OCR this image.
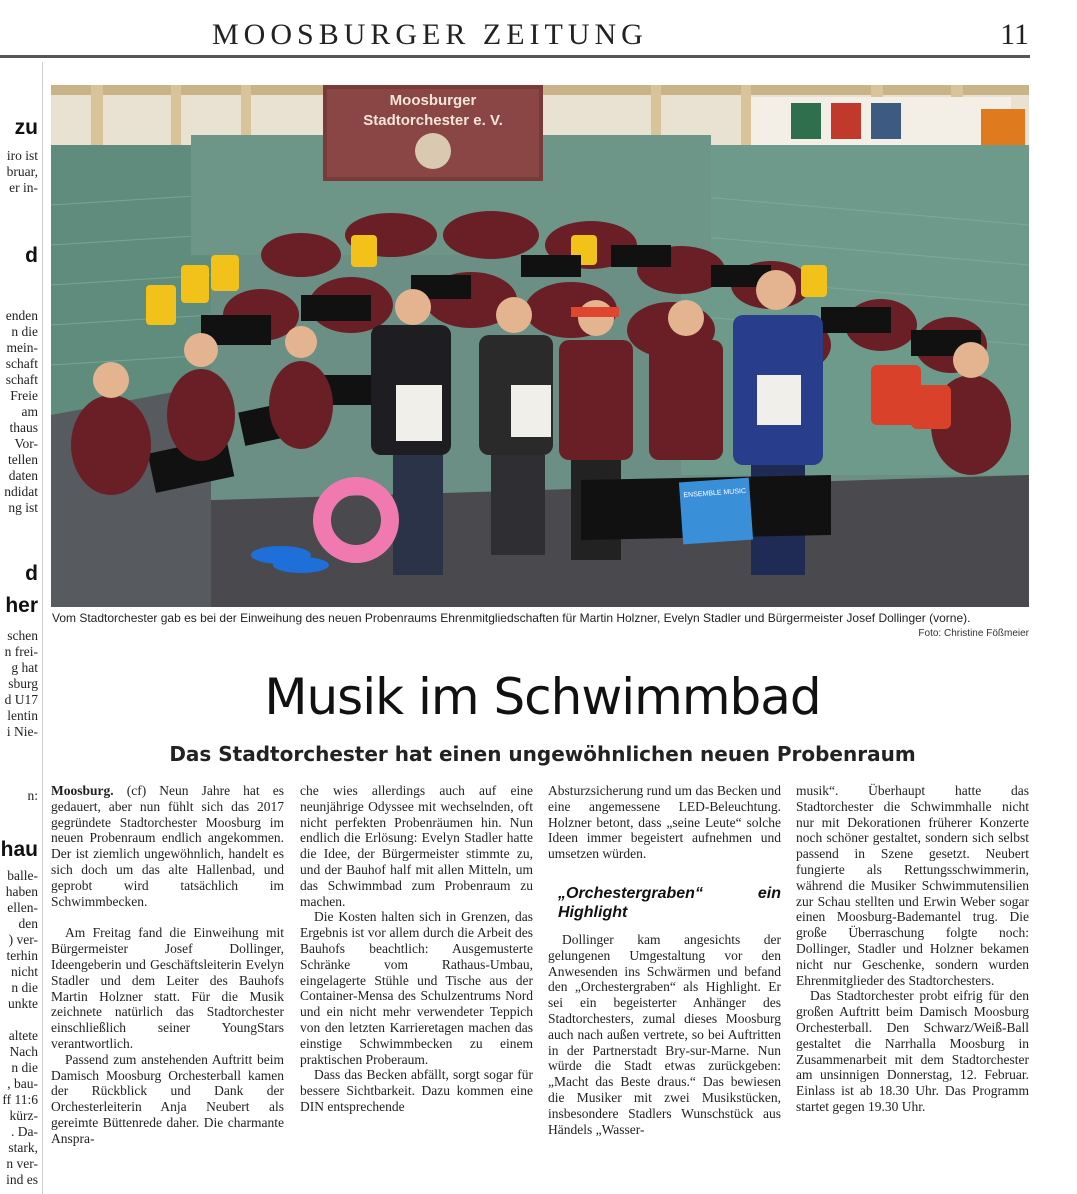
MOOSBURGER ZEITUNG	11
zu
iro ist
bruar,
er in-
d
enden
n die
mein-
schaft
schaft
Freie
am
thaus
Vor-
tellen
daten
ndidat
ng ist
d
her
schen
n frei-
g hat
sburg
d U17
lentin
i Nie-
n:
hau
balle-
haben
ellen-
den
) ver-
terhin
nicht
n die
unkte
altete
Nach
n die
, bau-
ff 11:6
kürz-
. Da-
stark,
n ver-
ind es
Moosburger
Stadtorchester e. V.
ENSEMBLE MUSIC
Vom Stadtorchester gab es bei der Einweihung des neuen Probenraums Ehrenmitgliedschaften für Martin Holzner, Evelyn Stadler und Bürgermeister Josef Dollinger (vorne).
Foto: Christine Fößmeier
Musik im Schwimmbad
Das Stadtorchester hat einen ungewöhnlichen neuen Probenraum

Moosburg. (cf) Neun Jahre hat es gedauert, aber nun fühlt sich das 2017 gegründete Stadtorchester Moosburg im neuen Probenraum endlich angekommen. Der ist ziemlich ungewöhnlich, handelt es sich doch um das alte Hallenbad, und geprobt wird tatsächlich im Schwimmbecken.

Am Freitag fand die Einweihung mit Bürgermeister Josef Dollinger, Ideengeberin und Geschäftsleiterin Evelyn Stadler und dem Leiter des Bauhofs Martin Holzner statt. Für die Musik zeichnete natürlich das Stadtorchester einschließlich seiner YoungStars verantwortlich.

Passend zum anstehenden Auftritt beim Damisch Moosburg Orchesterball kamen der Rückblick und Dank der Orchesterleiterin Anja Neubert als gereimte Büttenrede daher. Die charmante Anspra-

che wies allerdings auch auf eine neunjährige Odyssee mit wechselnden, oft nicht perfekten Probenräumen hin. Nun endlich die Erlösung: Evelyn Stadler hatte die Idee, der Bürgermeister stimmte zu, und der Bauhof half mit allen Mitteln, um das Schwimmbad zum Probenraum zu machen.

Die Kosten halten sich in Grenzen, das Ergebnis ist vor allem durch die Arbeit des Bauhofs beachtlich: Ausgemusterte Schränke vom Rathaus-Umbau, eingelagerte Stühle und Tische aus der Container-Mensa des Schulzentrums Nord und ein nicht mehr verwendeter Teppich von den letzten Karrieretagen machen das einstige Schwimmbecken zu einem praktischen Proberaum.

Dass das Becken abfällt, sorgt sogar für bessere Sichtbarkeit. Dazu kommen eine DIN entsprechende

Absturzsicherung rund um das Becken und eine angemessene LED-Beleuchtung. Holzner betont, dass „seine Leute“ solche Ideen immer begeistert aufnehmen und umsetzen würden.

„Orchestergraben“ ein Highlight

Dollinger kam angesichts der gelungenen Umgestaltung vor den Anwesenden ins Schwärmen und befand den „Orchestergraben“ als Highlight. Er sei ein begeisterter Anhänger des Stadtorchesters, zumal dieses Moosburg auch nach außen vertrete, so bei Auftritten in der Partnerstadt Bry-sur-Marne. Nun würde die Stadt etwas zurückgeben: „Macht das Beste draus.“ Das bewiesen die Musiker mit zwei Musikstücken, insbesondere Stadlers Wunschstück aus Händels „Wasser-

musik“. Überhaupt hatte das Stadtorchester die Schwimmhalle nicht nur mit Dekorationen früherer Konzerte noch schöner gestaltet, sondern sich selbst passend in Szene gesetzt. Neubert fungierte als Rettungsschwimmerin, während die Musiker Schwimmutensilien zur Schau stellten und Erwin Weber sogar einen Moosburg-Bademantel trug. Die große Überraschung folgte noch: Dollinger, Stadler und Holzner bekamen nicht nur Geschenke, sondern wurden Ehrenmitglieder des Stadtorchesters.

Das Stadtorchester probt eifrig für den großen Auftritt beim Damisch Moosburg Orchesterball. Den Schwarz/Weiß-Ball gestaltet die Narrhalla Moosburg in Zusammenarbeit mit dem Stadtorchester am unsinnigen Donnerstag, 12. Februar. Einlass ist ab 18.30 Uhr. Das Programm startet gegen 19.30 Uhr.
